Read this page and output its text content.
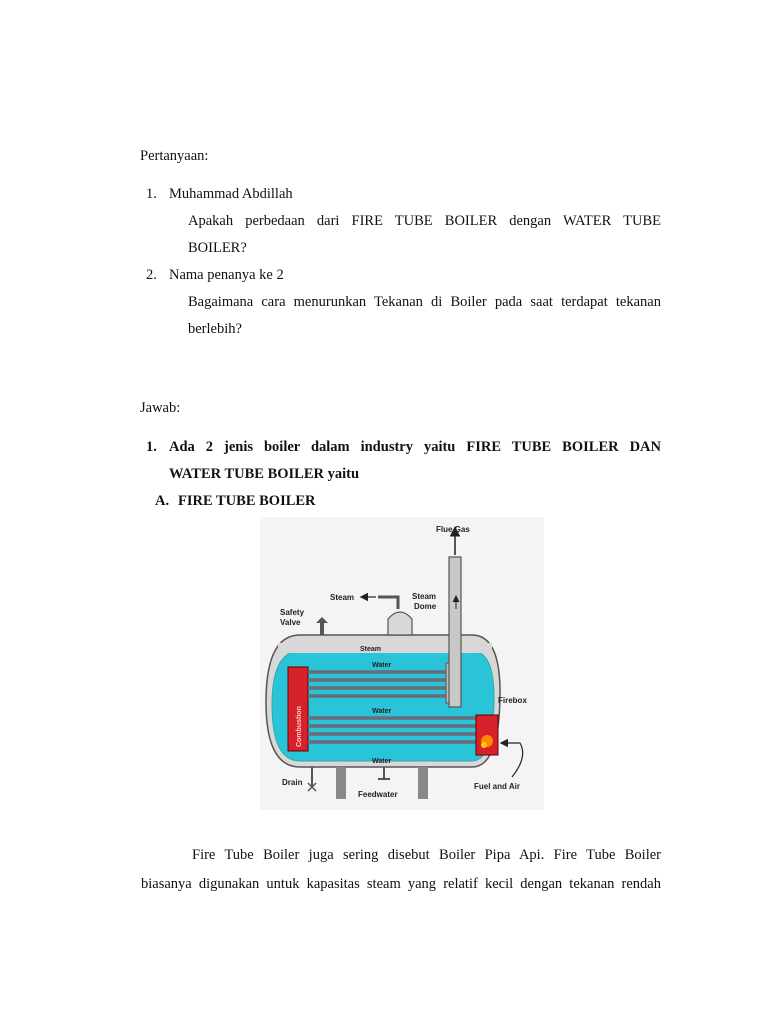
Pertanyaan:
1. Muhammad Abdillah
Apakah perbedaan dari FIRE TUBE BOILER dengan WATER TUBE
BOILER?
2. Nama penanya ke 2
Bagaimana cara menurunkan Tekanan di Boiler pada saat terdapat tekanan
berlebih?
Jawab:
1. Ada 2 jenis boiler dalam industry yaitu FIRE TUBE BOILER DAN
WATER TUBE BOILER yaitu
A. FIRE TUBE BOILER
Combustion
Flue Gas
Steam	Steam
Dome
Safety
Valve
Steam
Water
Water
Water
Firebox
Drain
Feedwater
Fuel and Air
Fire Tube Boiler juga sering disebut Boiler Pipa Api. Fire Tube Boiler
biasanya digunakan untuk kapasitas steam yang relatif kecil dengan tekanan rendah
